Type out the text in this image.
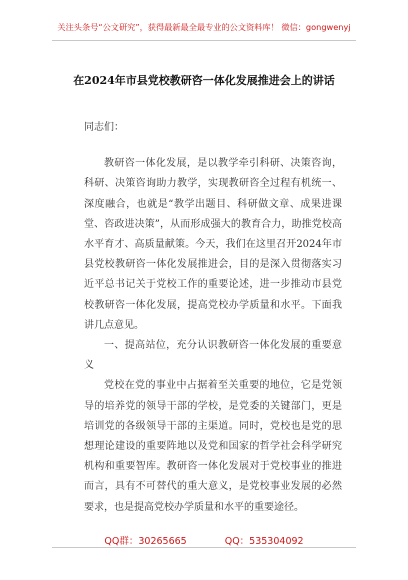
关注头条号“公文研究”，获得最新最全最专业的公文资料库！ 微信：gongwenyj
在2024年市县党校教研咨一体化发展推进会上的讲话

同志们：

教研咨一体化发展，是以教学牵引科研、决策咨询，科研、决策咨询助力教学，实现教研咨全过程有机统一、深度融合，也就是“教学出题目、科研做文章、成果进课堂、咨政进决策”，从而形成强大的教育合力，助推党校高水平育才、高质量献策。今天，我们在这里召开2024年市县党校教研咨一体化发展推进会，目的是深入贯彻落实习近平总书记关于党校工作的重要论述，进一步推动市县党校教研咨一体化发展，提高党校办学质量和水平。下面我讲几点意见。

一、提高站位，充分认识教研咨一体化发展的重要意义

党校在党的事业中占据着至关重要的地位，它是党领导的培养党的领导干部的学校，是党委的关键部门，更是培训党的各级领导干部的主渠道。同时，党校也是党的思想理论建设的重要阵地以及党和国家的哲学社会科学研究机构和重要智库。教研咨一体化发展对于党校事业的推进而言，具有不可替代的重大意义，是党校事业发展的必然要求，也是提高党校办学质量和水平的重要途径。

QQ群：30265665	QQ：535304092
